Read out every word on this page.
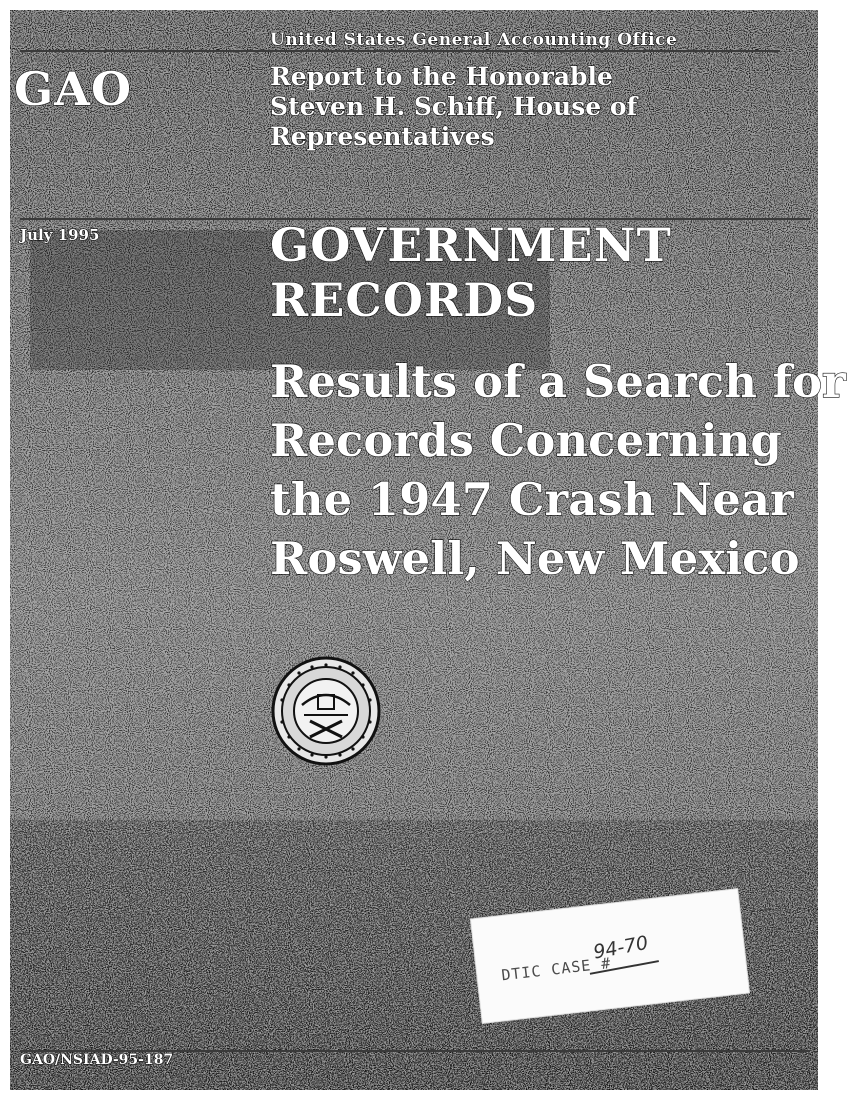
United States General Accounting Office
GAO	Report to the Honorable
Steven H. Schiff, House of
Representatives
July 1995	GOVERNMENT
RECORDS
Results of a Search for
Records Concerning
the 1947 Crash Near
Roswell, New Mexico
DTIC CASE #
94-70
GAO/NSIAD-95-187
